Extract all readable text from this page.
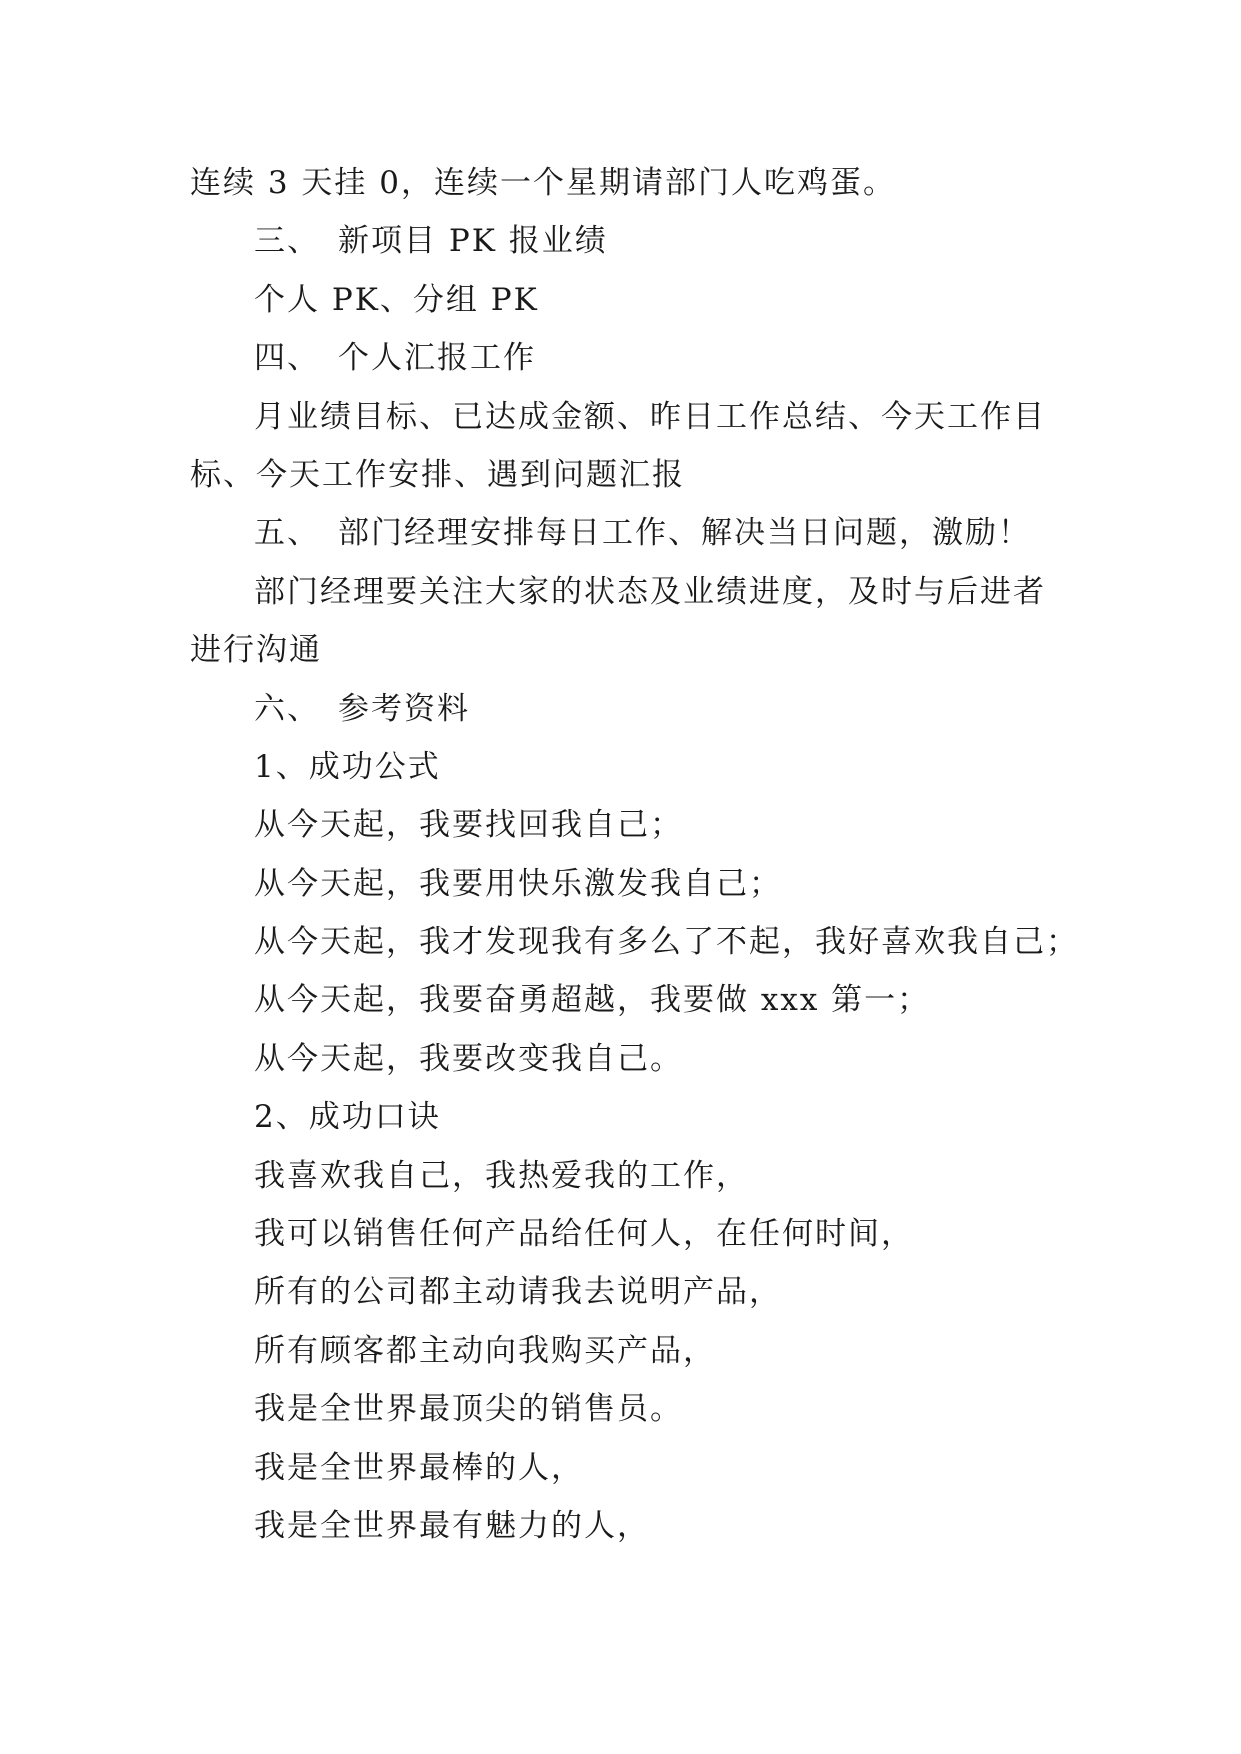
连续 3 天挂 0，连续一个星期请部门人吃鸡蛋。
三、 新项目 PK 报业绩
个人 PK、分组 PK
四、 个人汇报工作
月业绩目标、已达成金额、昨日工作总结、今天工作目
标、今天工作安排、遇到问题汇报
五、 部门经理安排每日工作、解决当日问题，激励！
部门经理要关注大家的状态及业绩进度，及时与后进者
进行沟通
六、 参考资料
1、成功公式
从今天起，我要找回我自己；
从今天起，我要用快乐激发我自己；
从今天起，我才发现我有多么了不起，我好喜欢我自己；
从今天起，我要奋勇超越，我要做 xxx 第一；
从今天起，我要改变我自己。
2、成功口诀
我喜欢我自己，我热爱我的工作，
我可以销售任何产品给任何人，在任何时间，
所有的公司都主动请我去说明产品，
所有顾客都主动向我购买产品，
我是全世界最顶尖的销售员。
我是全世界最棒的人，
我是全世界最有魅力的人，
